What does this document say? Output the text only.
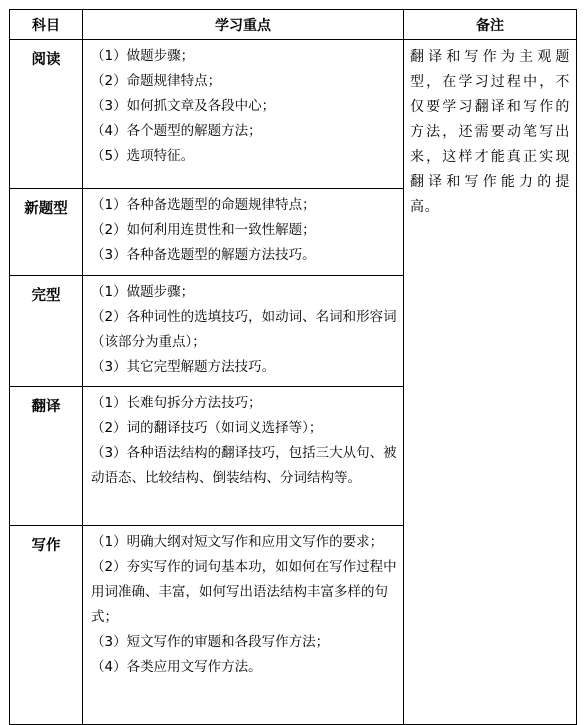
科目	学习重点	备注
阅读	（1）做题步骤；
（2）命题规律特点；
（3）如何抓文章及各段中心；
（4）各个题型的解题方法；
（5）选项特征。	翻译和写作为主观题型，在学习过程中，不仅要学习翻译和写作的方法，还需要动笔写出来，这样才能真正实现翻译和写作能力的提高。
新题型	（1）各种备选题型的命题规律特点；
（2）如何利用连贯性和一致性解题；
（3）各种备选题型的解题方法技巧。	

完型	（1）做题步骤；
（2）各种词性的选填技巧，如动词、名词和形容词（该部分为重点）；
（3）其它完型解题方法技巧。	

翻译	（1）长难句拆分方法技巧；
（2）词的翻译技巧（如词义选择等）；
（3）各种语法结构的翻译技巧，包括三大从句、被动语态、比较结构、倒装结构、分词结构等。	

写作	（1）明确大纲对短文写作和应用文写作的要求；
（2）夯实写作的词句基本功，如如何在写作过程中用词准确、丰富，如何写出语法结构丰富多样的句式；
（3）短文写作的审题和各段写作方法；
（4）各类应用文写作方法。	
